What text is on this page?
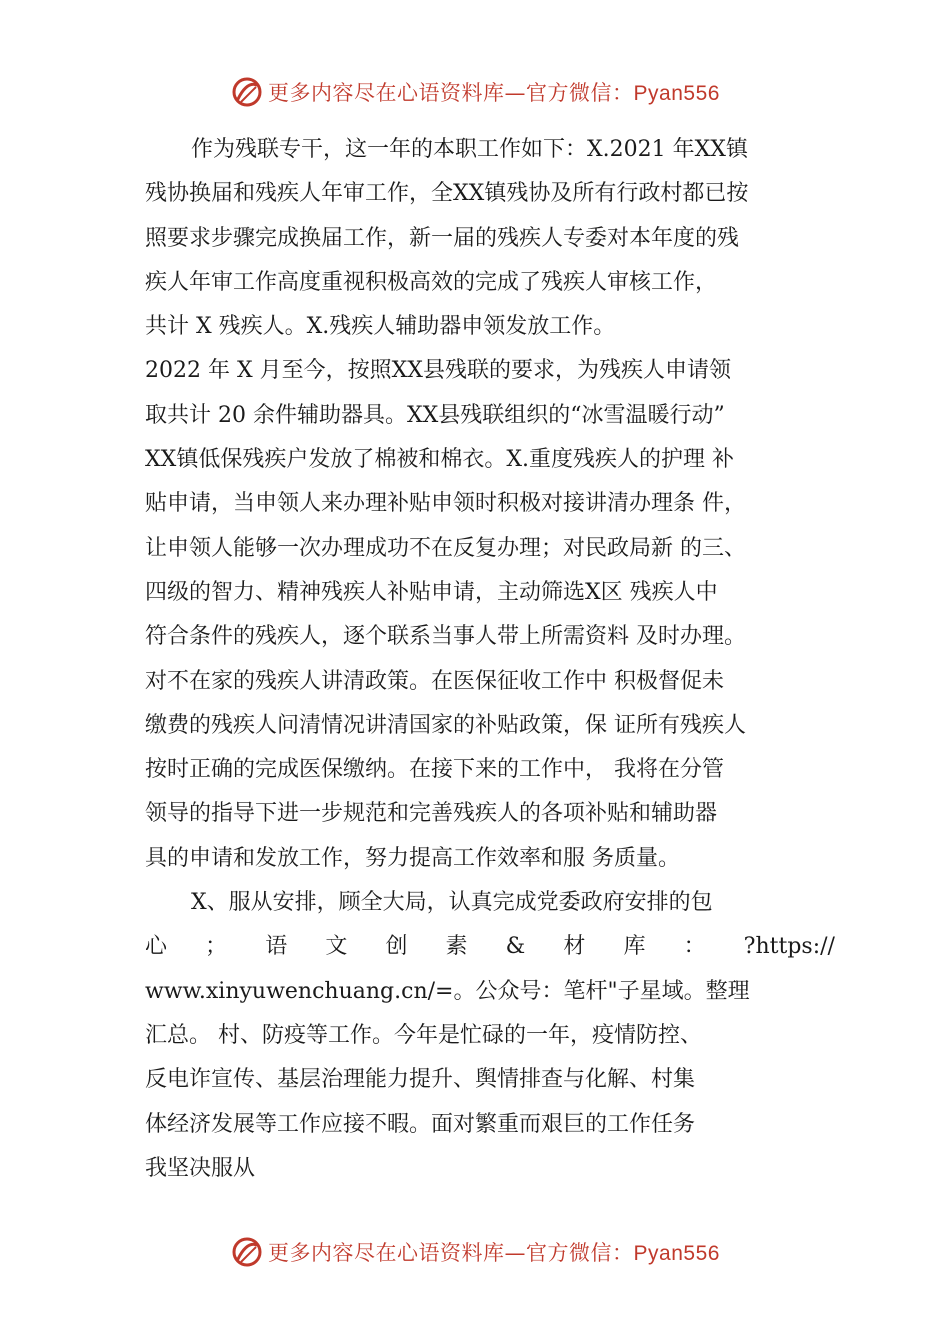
更多内容尽在心语资料库—官方微信：Pyan556
作为残联专干，这一年的本职工作如下：X.2021 年XX镇
残协换届和残疾人年审工作，全XX镇残协及所有行政村都已按
照要求步骤完成换届工作，新一届的残疾人专委对本年度的残
疾人年审工作高度重视积极高效的完成了残疾人审核工作，
共计 X 残疾人。X.残疾人辅助器申领发放工作。
2022 年 X 月至今，按照XX县残联的要求，为残疾人申请领
取共计 20 余件辅助器具。XX县残联组织的“冰雪温暖行动”
XX镇低保残疾户发放了棉被和棉衣。X.重度残疾人的护理 补
贴申请，当申领人来办理补贴申领时积极对接讲清办理条 件，
让申领人能够一次办理成功不在反复办理；对民政局新 的三、
四级的智力、精神残疾人补贴申请，主动筛选X区 残疾人中
符合条件的残疾人，逐个联系当事人带上所需资料 及时办理。
对不在家的残疾人讲清政策。在医保征收工作中 积极督促未
缴费的残疾人问清情况讲清国家的补贴政策，保 证所有残疾人
按时正确的完成医保缴纳。在接下来的工作中， 我将在分管
领导的指导下进一步规范和完善残疾人的各项补贴和辅助器
具的申请和发放工作，努力提高工作效率和服 务质量。
X、服从安排，顾全大局，认真完成党委政府安排的包
心 ； 语 文 创 素 & 材 库 ： ?https://
www.xinyuwenchuang.cn/=。公众号：笔杆"子星域。整理
汇总。 村、防疫等工作。今年是忙碌的一年，疫情防控、
反电诈宣传、基层治理能力提升、舆情排查与化解、村集
体经济发展等工作应接不暇。面对繁重而艰巨的工作任务
我坚决服从
更多内容尽在心语资料库—官方微信：Pyan556
